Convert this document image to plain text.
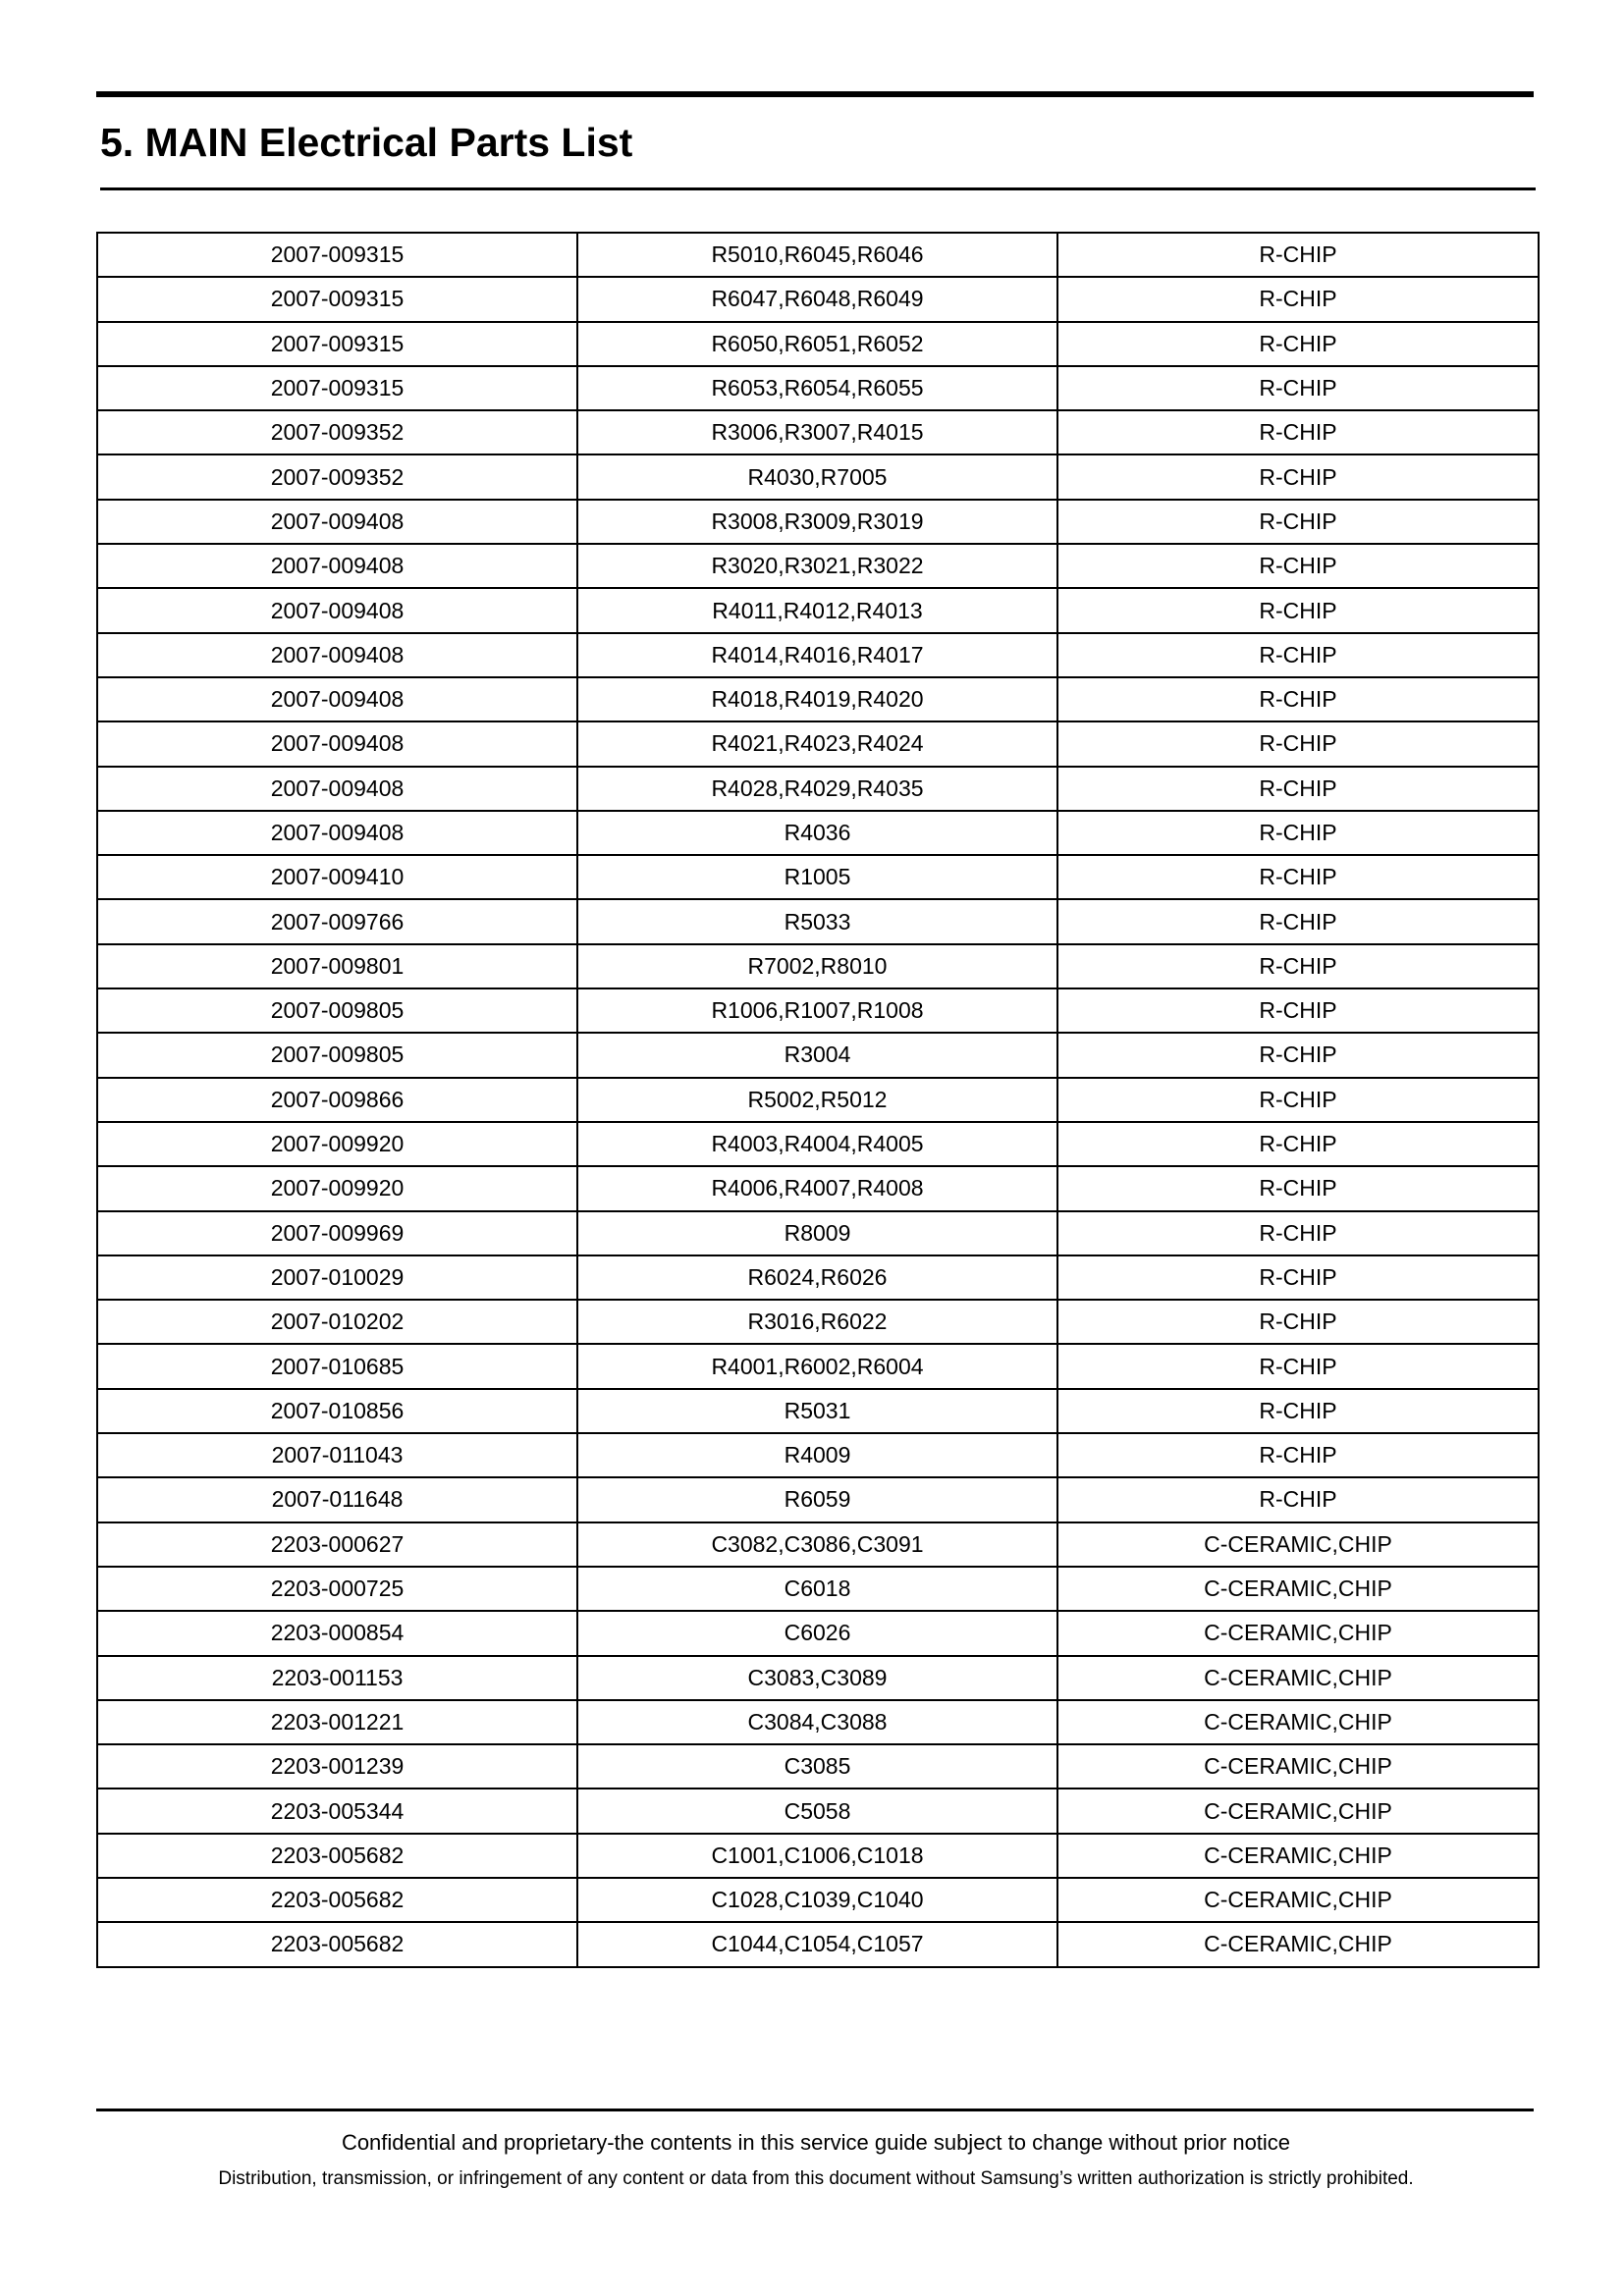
5. MAIN Electrical Parts List
2007-009315	R5010,R6045,R6046	R-CHIP
2007-009315	R6047,R6048,R6049	R-CHIP
2007-009315	R6050,R6051,R6052	R-CHIP
2007-009315	R6053,R6054,R6055	R-CHIP
2007-009352	R3006,R3007,R4015	R-CHIP
2007-009352	R4030,R7005	R-CHIP
2007-009408	R3008,R3009,R3019	R-CHIP
2007-009408	R3020,R3021,R3022	R-CHIP
2007-009408	R4011,R4012,R4013	R-CHIP
2007-009408	R4014,R4016,R4017	R-CHIP
2007-009408	R4018,R4019,R4020	R-CHIP
2007-009408	R4021,R4023,R4024	R-CHIP
2007-009408	R4028,R4029,R4035	R-CHIP
2007-009408	R4036	R-CHIP
2007-009410	R1005	R-CHIP
2007-009766	R5033	R-CHIP
2007-009801	R7002,R8010	R-CHIP
2007-009805	R1006,R1007,R1008	R-CHIP
2007-009805	R3004	R-CHIP
2007-009866	R5002,R5012	R-CHIP
2007-009920	R4003,R4004,R4005	R-CHIP
2007-009920	R4006,R4007,R4008	R-CHIP
2007-009969	R8009	R-CHIP
2007-010029	R6024,R6026	R-CHIP
2007-010202	R3016,R6022	R-CHIP
2007-010685	R4001,R6002,R6004	R-CHIP
2007-010856	R5031	R-CHIP
2007-011043	R4009	R-CHIP
2007-011648	R6059	R-CHIP
2203-000627	C3082,C3086,C3091	C-CERAMIC,CHIP
2203-000725	C6018	C-CERAMIC,CHIP
2203-000854	C6026	C-CERAMIC,CHIP
2203-001153	C3083,C3089	C-CERAMIC,CHIP
2203-001221	C3084,C3088	C-CERAMIC,CHIP
2203-001239	C3085	C-CERAMIC,CHIP
2203-005344	C5058	C-CERAMIC,CHIP
2203-005682	C1001,C1006,C1018	C-CERAMIC,CHIP
2203-005682	C1028,C1039,C1040	C-CERAMIC,CHIP
2203-005682	C1044,C1054,C1057	C-CERAMIC,CHIP
Confidential and proprietary-the contents in this service guide subject to change without prior notice
Distribution, transmission, or infringement of any content or data from this document without Samsung’s written authorization is strictly prohibited.
